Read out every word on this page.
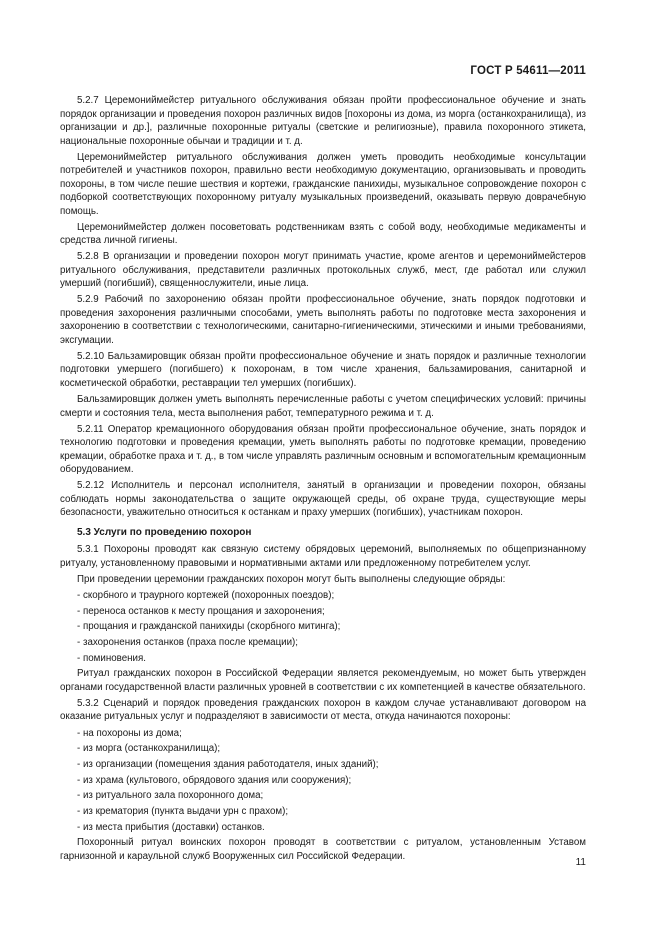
ГОСТ Р 54611—2011

5.2.7 Церемониймейстер ритуального обслуживания обязан пройти профессиональное обучение и знать порядок организации и проведения похорон различных видов [похороны из дома, из морга (останкохранилища), из организации и др.], различные похоронные ритуалы (светские и религиозные), правила похоронного этикета, национальные похоронные обычаи и традиции и т. д.

Церемониймейстер ритуального обслуживания должен уметь проводить необходимые консультации потребителей и участников похорон, правильно вести необходимую документацию, организовывать и проводить похороны, в том числе пешие шествия и кортежи, гражданские панихиды, музыкальное сопровождение похорон с подборкой соответствующих похоронному ритуалу музыкальных произведений, оказывать первую доврачебную помощь.

Церемониймейстер должен посоветовать родственникам взять с собой воду, необходимые медикаменты и средства личной гигиены.

5.2.8 В организации и проведении похорон могут принимать участие, кроме агентов и церемониймейстеров ритуального обслуживания, представители различных протокольных служб, мест, где работал или служил умерший (погибший), священнослужители, иные лица.

5.2.9 Рабочий по захоронению обязан пройти профессиональное обучение, знать порядок подготовки и проведения захоронения различными способами, уметь выполнять работы по подготовке места захоронения и захоронению в соответствии с технологическими, санитарно-гигиеническими, этическими и иными требованиями, эксгумации.

5.2.10 Бальзамировщик обязан пройти профессиональное обучение и знать порядок и различные технологии подготовки умершего (погибшего) к похоронам, в том числе хранения, бальзамирования, санитарной и косметической обработки, реставрации тел умерших (погибших).

Бальзамировщик должен уметь выполнять перечисленные работы с учетом специфических условий: причины смерти и состояния тела, места выполнения работ, температурного режима и т. д.

5.2.11 Оператор кремационного оборудования обязан пройти профессиональное обучение, знать порядок и технологию подготовки и проведения кремации, уметь выполнять работы по подготовке кремации, проведению кремации, обработке праха и т. д., в том числе управлять различным основным и вспомогательным кремационным оборудованием.

5.2.12 Исполнитель и персонал исполнителя, занятый в организации и проведении похорон, обязаны соблюдать нормы законодательства о защите окружающей среды, об охране труда, существующие меры безопасности, уважительно относиться к останкам и праху умерших (погибших), участникам похорон.

5.3 Услуги по проведению похорон

5.3.1 Похороны проводят как связную систему обрядовых церемоний, выполняемых по общепризнанному ритуалу, установленному правовыми и нормативными актами или предложенному потребителем услуг.

При проведении церемонии гражданских похорон могут быть выполнены следующие обряды:

- скорбного и траурного кортежей (похоронных поездов);
- переноса останков к месту прощания и захоронения;
- прощания и гражданской панихиды (скорбного митинга);
- захоронения останков (праха после кремации);
- поминовения.

Ритуал гражданских похорон в Российской Федерации является рекомендуемым, но может быть утвержден органами государственной власти различных уровней в соответствии с их компетенцией в качестве обязательного.

5.3.2 Сценарий и порядок проведения гражданских похорон в каждом случае устанавливают договором на оказание ритуальных услуг и подразделяют в зависимости от места, откуда начинаются похороны:

- на похороны из дома;
- из морга (останкохранилища);
- из организации (помещения здания работодателя, иных зданий);
- из храма (культового, обрядового здания или сооружения);
- из ритуального зала похоронного дома;
- из крематория (пункта выдачи урн с прахом);
- из места прибытия (доставки) останков.

Похоронный ритуал воинских похорон проводят в соответствии с ритуалом, установленным Уставом гарнизонной и караульной служб Вооруженных сил Российской Федерации.

11
